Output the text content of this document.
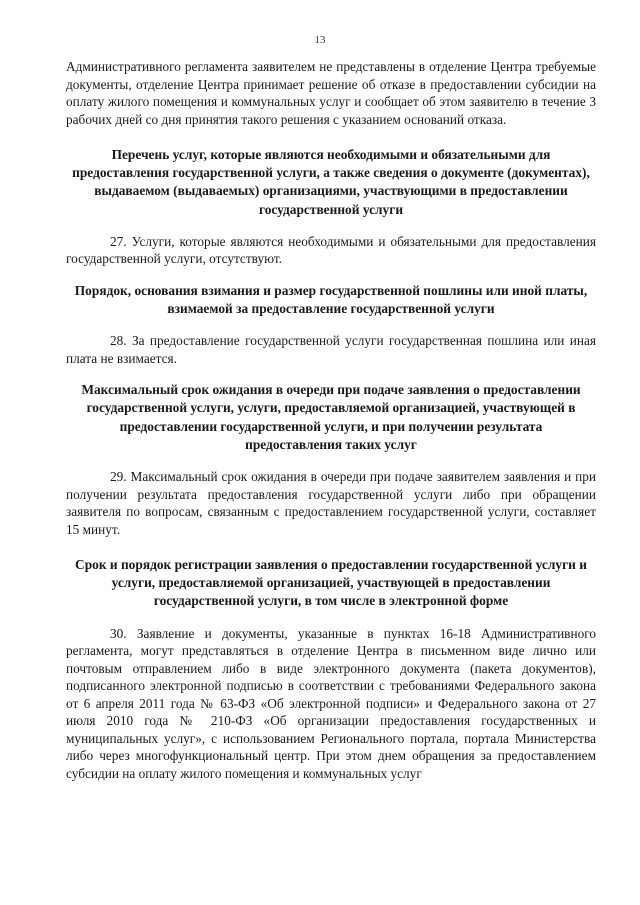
13

Административного регламента заявителем не представлены в отделение Центра требуемые документы, отделение Центра принимает решение об отказе в предоставлении субсидии на оплату жилого помещения и коммунальных услуг и сообщает об этом заявителю в течение 3 рабочих дней со дня принятия такого решения с указанием оснований отказа.

Перечень услуг, которые являются необходимыми и обязательными для предоставления государственной услуги, а также сведения о документе (документах), выдаваемом (выдаваемых) организациями, участвующими в предоставлении государственной услуги

27. Услуги, которые являются необходимыми и обязательными для предоставления государственной услуги, отсутствуют.

Порядок, основания взимания и размер государственной пошлины или иной платы, взимаемой за предоставление государственной услуги

28. За предоставление государственной услуги государственная пошлина или иная плата не взимается.

Максимальный срок ожидания в очереди при подаче заявления о предоставлении государственной услуги, услуги, предоставляемой организацией, участвующей в предоставлении государственной услуги, и при получении результата предоставления таких услуг

29. Максимальный срок ожидания в очереди при подаче заявителем заявления и при получении результата предоставления государственной услуги либо при обращении заявителя по вопросам, связанным с предоставлением государственной услуги, составляет 15 минут.

Срок и порядок регистрации заявления о предоставлении государственной услуги и услуги, предоставляемой организацией, участвующей в предоставлении государственной услуги, в том числе в электронной форме

30. Заявление и документы, указанные в пунктах 16-18 Административного регламента, могут представляться в отделение Центра в письменном виде лично или почтовым отправлением либо в виде электронного документа (пакета документов), подписанного электронной подписью в соответствии с требованиями Федерального закона от 6 апреля 2011 года № 63-ФЗ «Об электронной подписи» и Федерального закона от 27 июля 2010 года № 210-ФЗ «Об организации предоставления государственных и муниципальных услуг», с использованием Регионального портала, портала Министерства либо через многофункциональный центр. При этом днем обращения за предоставлением субсидии на оплату жилого помещения и коммунальных услуг
